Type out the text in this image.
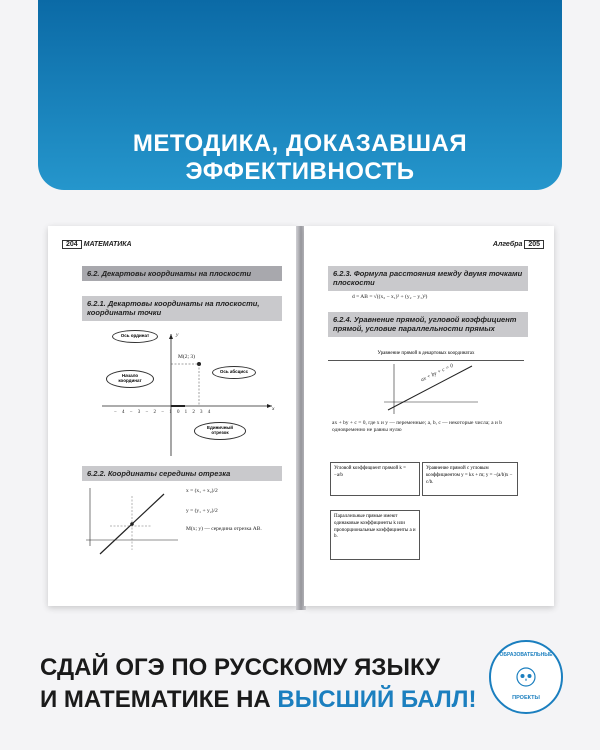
МЕТОДИКА, ДОКАЗАВШАЯ ЭФФЕКТИВНОСТЬ
204 МАТЕМАТИКА
6.2. Декартовы координаты на плоскости
6.2.1. Декартовы координаты на плоскости, координаты точки
M(2; 3)
x
y
−4−3−2−101234
Ось ординат
Начало координат
Ось абсцисс
Единичный отрезок
6.2.2. Координаты середины отрезка
x = (x₁ + x₂)/2
y = (y₁ + y₂)/2
M(x; y) — середина отрезка AB.
Алгебра 205
6.2.3. Формула расстояния между двумя точками плоскости
d = AB = √((x₂ − x₁)² + (y₂ − y₁)²)
6.2.4. Уравнение прямой, угловой коэффициент прямой, условие параллельности прямых
Уравнение прямой в декартовых координатах
ax + by + c = 0
ax + by + c = 0, где x и y — переменные; a, b, c — некоторые числа; a и b одновременно не равны нулю
Угловой коэффициент прямой k = −a/b
Уравнение прямой с угловым коэффициентом y = kx + m; y = −(a/b)x − c/b.
Параллельные прямые имеют одинаковые коэффициенты k или пропорциональные коэффициенты a и b.
СДАЙ ОГЭ ПО РУССКОМУ ЯЗЫКУ
И МАТЕМАТИКЕ НА ВЫСШИЙ БАЛЛ!
ОБРАЗОВАТЕЛЬНЫЕ
ПРОЕКТЫ
